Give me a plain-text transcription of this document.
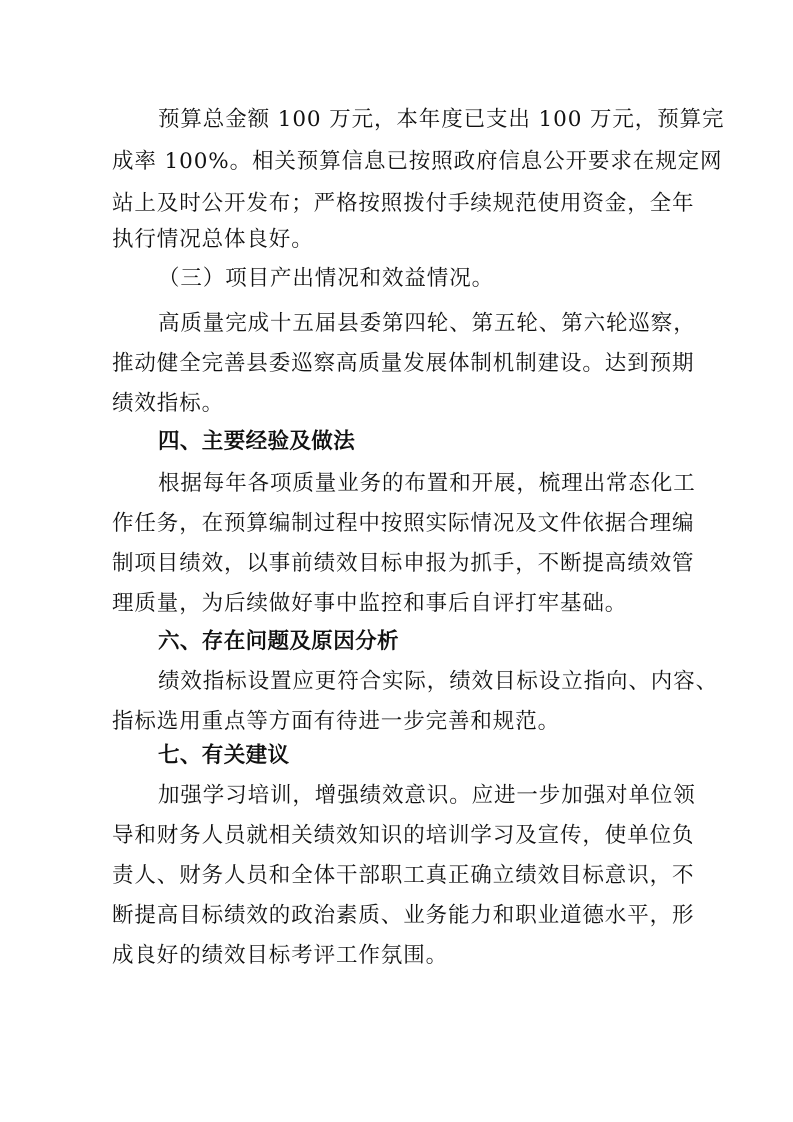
预算总金额 100 万元，本年度已支出 100 万元，预算完
成率 100%。相关预算信息已按照政府信息公开要求在规定网
站上及时公开发布；严格按照拨付手续规范使用资金，全年
执行情况总体良好。
（三）项目产出情况和效益情况。
高质量完成十五届县委第四轮、第五轮、第六轮巡察，
推动健全完善县委巡察高质量发展体制机制建设。达到预期
绩效指标。
四、主要经验及做法
根据每年各项质量业务的布置和开展，梳理出常态化工
作任务，在预算编制过程中按照实际情况及文件依据合理编
制项目绩效，以事前绩效目标申报为抓手，不断提高绩效管
理质量，为后续做好事中监控和事后自评打牢基础。
六、存在问题及原因分析
绩效指标设置应更符合实际，绩效目标设立指向、内容、
指标选用重点等方面有待进一步完善和规范。
七、有关建议
加强学习培训，增强绩效意识。应进一步加强对单位领
导和财务人员就相关绩效知识的培训学习及宣传，使单位负
责人、财务人员和全体干部职工真正确立绩效目标意识，不
断提高目标绩效的政治素质、业务能力和职业道德水平，形
成良好的绩效目标考评工作氛围。
